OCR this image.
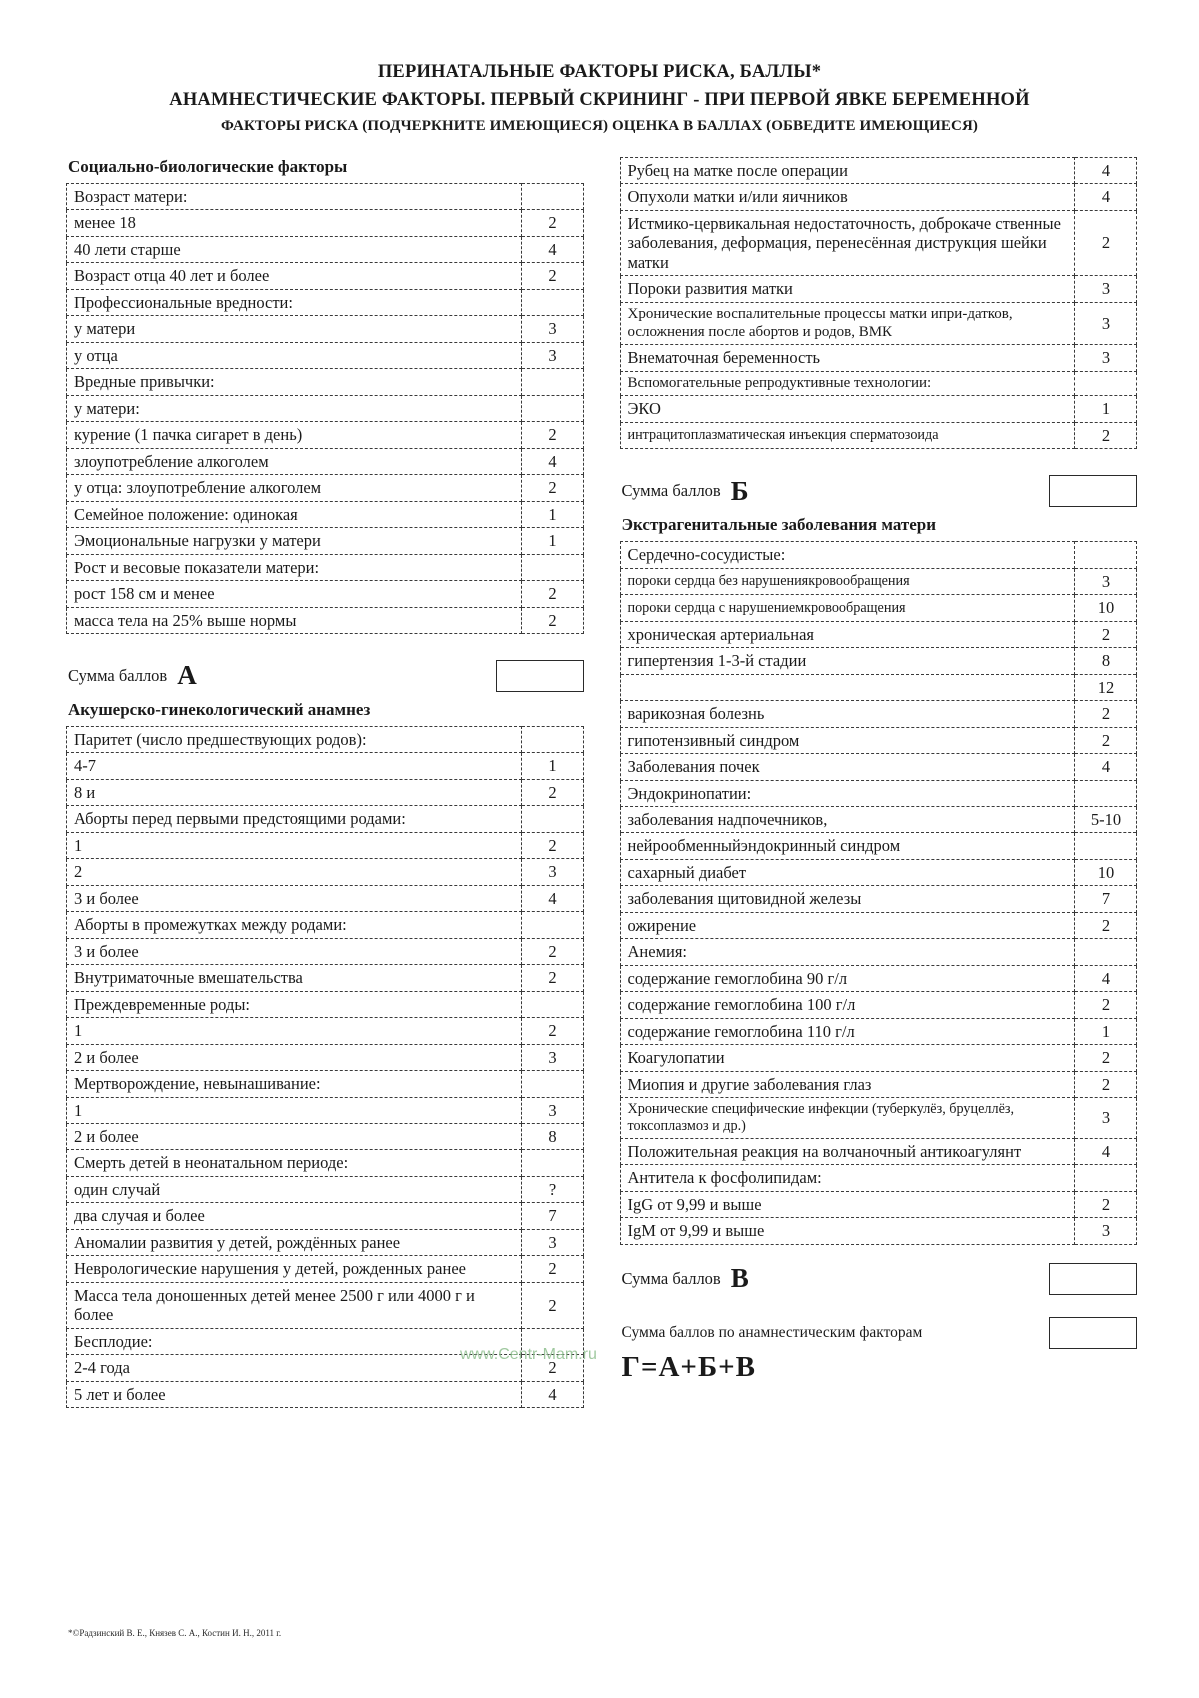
ПЕРИНАТАЛЬНЫЕ ФАКТОРЫ РИСКА, БАЛЛЫ*
АНАМНЕСТИЧЕСКИЕ ФАКТОРЫ. ПЕРВЫЙ СКРИНИНГ - ПРИ ПЕРВОЙ ЯВКЕ БЕРЕМЕННОЙ
ФАКТОРЫ РИСКА (ПОДЧЕРКНИТЕ ИМЕЮЩИЕСЯ) ОЦЕНКА В БАЛЛАХ (ОБВЕДИТЕ ИМЕЮЩИЕСЯ)
Социально-биологические факторы
Возраст матери:	
менее 18	2
40 лети старше	4
Возраст отца 40 лет и более	2
Профессиональные вредности:	
у матери	3
у отца	3
Вредные привычки:	
у матери:	
курение (1 пачка сигарет в день)	2
злоупотребление алкоголем	4
у отца: злоупотребление алкоголем	2
Семейное положение: одинокая	1
Эмоциональные нагрузки у матери	1
Рост и весовые показатели матери:	
рост 158 см и менее	2
масса тела на 25% выше нормы	2
Сумма баллов А
Акушерско-гинекологический анамнез
Паритет (число предшествующих родов):	
4-7	1
8 и	2
Аборты перед первыми предстоящими родами:	
1	2
2	3
3 и более	4
Аборты в промежутках между родами:	
3 и более	2
Внутриматочные вмешательства	2
Преждевременные роды:	
1	2
2 и более	3
Мертворождение, невынашивание:	
1	3
2 и более	8
Смерть детей в неонатальном периоде:	
один случай	?
два случая и более	7
Аномалии развития у детей, рождённых ранее	3
Неврологические нарушения у детей, рожденных ранее	2
Масса тела доношенных детей менее 2500 г или 4000 г и более	2
Бесплодие:	
2-4 года	2
5 лет и более	4
Рубец на матке после операции	4
Опухоли матки и/или яичников	4
Истмико-цервикальная недостаточность, доброкаче ственные заболевания, деформация, перенесённая диструкция шейки матки	2
Пороки развития матки	3
Хронические воспалительные процессы матки ипри-датков, осложнения после абортов и родов, ВМК	3
Внематочная беременность	3
Вспомогательные репродуктивные технологии:	
ЭКО	1
интрацитоплазматическая инъекция сперматозоида	2
Сумма баллов Б
Экстрагенитальные заболевания матери
Сердечно-сосудистые:	
пороки сердца без нарушениякровообращения	3
пороки сердца с нарушениемкровообращения	10
хроническая артериальная	2
гипертензия 1-3-й стадии	8
	12
варикозная болезнь	2
гипотензивный синдром	2
Заболевания почек	4
Эндокринопатии:	
заболевания надпочечников,	5-10
нейрообменныйэндокринный синдром	
сахарный диабет	10
заболевания щитовидной железы	7
ожирение	2
Анемия:	
содержание гемоглобина 90 г/л	4
содержание гемоглобина 100 г/л	2
содержание гемоглобина 110 г/л	1
Коагулопатии	2
Миопия и другие заболевания глаз	2
Хронические специфические инфекции (туберкулёз, бруцеллёз, токсоплазмоз и др.)	3
Положительная реакция на волчаночный антикоагулянт	4
Антитела к фосфолипидам:	
IgG от 9,99 и выше	2
IgM от 9,99 и выше	3
Сумма баллов В
Сумма баллов по анамнестическим факторам
Г=А+Б+В
www.Centr-Mam.ru
*©Радзинский В. Е., Князев С. А., Костин И. Н., 2011 г.
